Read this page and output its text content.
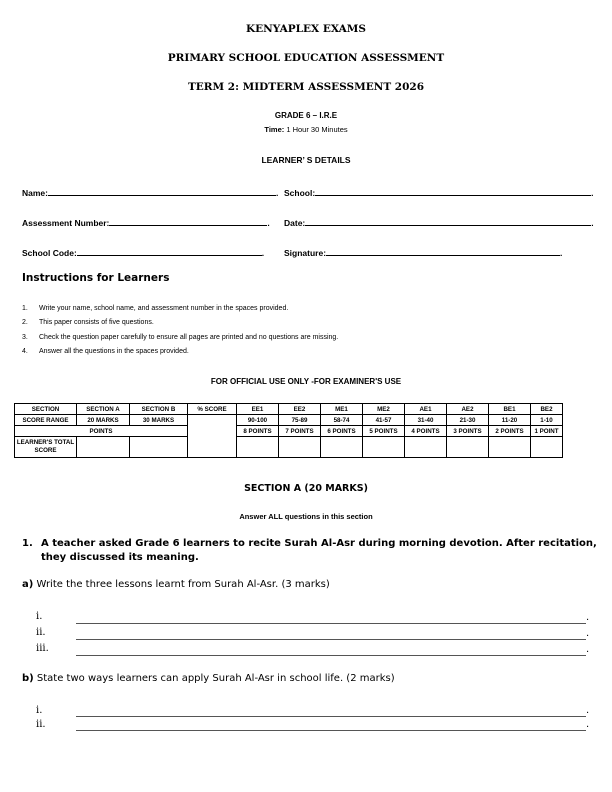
KENYAPLEX EXAMS
PRIMARY SCHOOL EDUCATION ASSESSMENT
TERM 2: MIDTERM ASSESSMENT 2026
GRADE 6 – I.R.E
Time: 1 Hour 30 Minutes
LEARNER’ S DETAILS
Name:	. School:	.
Assessment Number:	. Date:	.
School Code:	. Signature:	.
Instructions for Learners
1. Write your name, school name, and assessment number in the spaces provided.
2. This paper consists of five questions.
3. Check the question paper carefully to ensure all pages are printed and no questions are missing.
4. Answer all the questions in the spaces provided.
FOR OFFICIAL USE ONLY -FOR EXAMINER'S USE
SECTION	SECTION A	SECTION B	% SCORE	EE1	EE2	ME1	ME2	AE1	AE2	BE1	BE2
SCORE RANGE	20 MARKS	30 MARKS		90-100	75-89	58-74	41-57	31-40	21-30	11-20	1-10
POINTS				8 POINTS	7 POINTS	6 POINTS	5 POINTS	4 POINTS	3 POINTS	2 POINTS	1 POINT
LEARNER'S TOTAL SCORE											
SECTION A (20 MARKS)
Answer ALL questions in this section
1. A teacher asked Grade 6 learners to recite Surah Al-Asr during morning devotion. After recitation, they discussed its meaning.
a) Write the three lessons learnt from Surah Al-Asr. (3 marks)
i.	.
ii.	.
iii.	.
b) State two ways learners can apply Surah Al-Asr in school life. (2 marks)
i.	.
ii.	.
